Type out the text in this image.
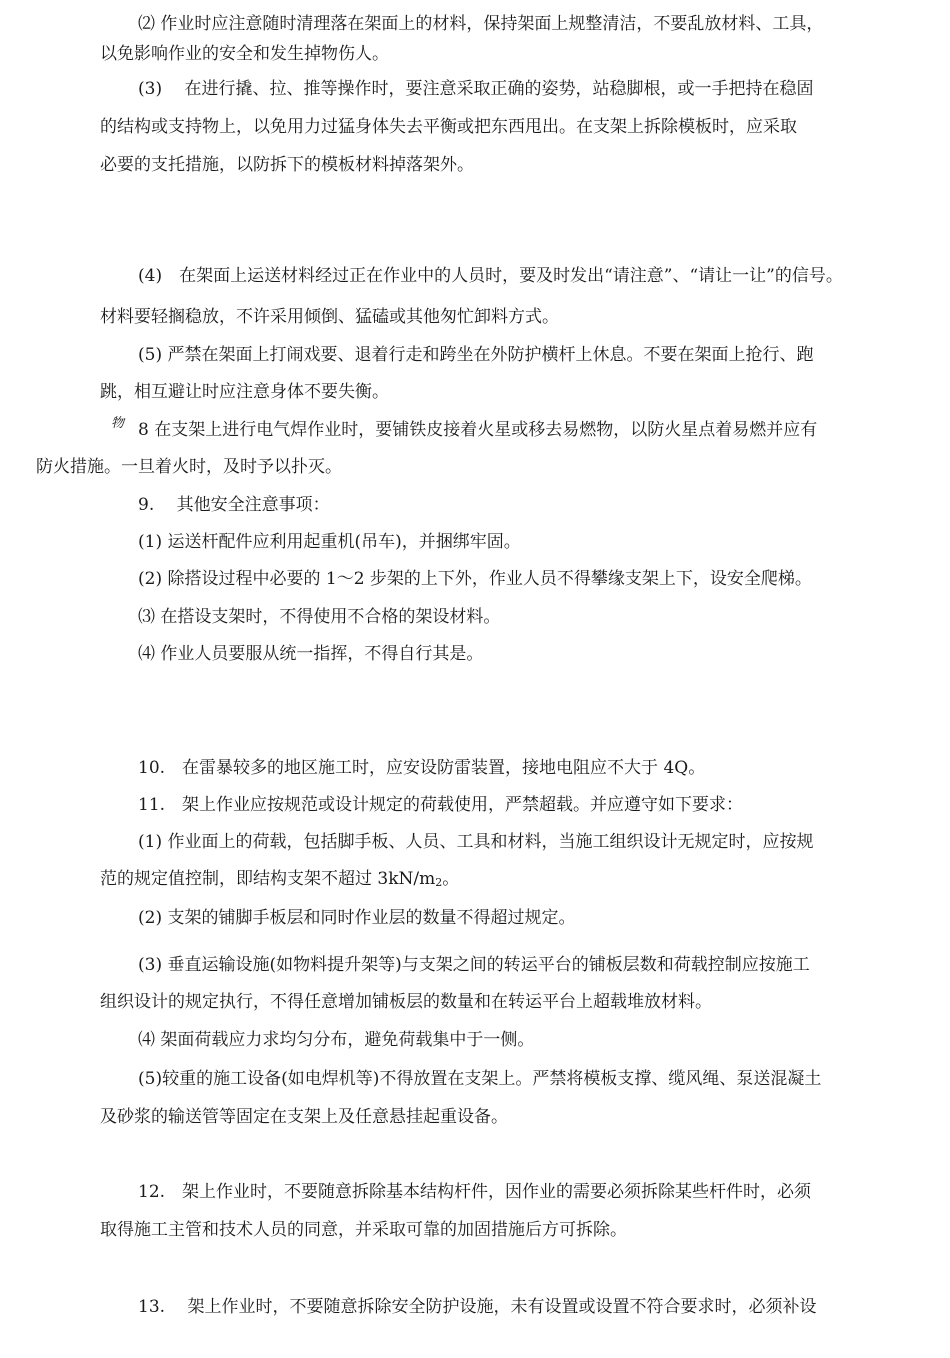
⑵ 作业时应注意随时清理落在架面上的材料，保持架面上规整清洁，不要乱放材料、工具，
以免影响作业的安全和发生掉物伤人。
(3)　 在进行撬、拉、推等操作时，要注意采取正确的姿势，站稳脚根，或一手把持在稳固
的结构或支持物上，以免用力过猛身体失去平衡或把东西甩出。在支架上拆除模板时，应采取
必要的支托措施，以防拆下的模板材料掉落架外。
(4)　在架面上运送材料经过正在作业中的人员时，要及时发出“请注意”、“请让一让”的信号。
材料要轻搁稳放，不许采用倾倒、猛磕或其他匆忙卸料方式。
(5) 严禁在架面上打闹戏要、退着行走和跨坐在外防护横杆上休息。不要在架面上抢行、跑
跳，相互避让时应注意身体不要失衡。
物 8 在支架上进行电气焊作业时，要铺铁皮接着火星或移去易燃物，以防火星点着易燃并应有
防火措施。一旦着火时，及时予以扑灭。
9.　 其他安全注意事项：
(1) 运送杆配件应利用起重机(吊车)，并捆绑牢固。
(2) 除搭设过程中必要的 1〜2 步架的上下外，作业人员不得攀缘支架上下，设安全爬梯。
⑶ 在搭设支架时，不得使用不合格的架设材料。
⑷ 作业人员要服从统一指挥，不得自行其是。
10.　在雷暴较多的地区施工时，应安设防雷装置，接地电阻应不大于 4Q。
11.　架上作业应按规范或设计规定的荷载使用，严禁超载。并应遵守如下要求：
(1) 作业面上的荷载，包括脚手板、人员、工具和材料，当施工组织设计无规定时，应按规
范的规定值控制，即结构支架不超过 3kN/m2。
(2) 支架的铺脚手板层和同时作业层的数量不得超过规定。
(3) 垂直运输设施(如物料提升架等)与支架之间的转运平台的铺板层数和荷载控制应按施工
组织设计的规定执行，不得任意增加铺板层的数量和在转运平台上超载堆放材料。
⑷ 架面荷载应力求均匀分布，避免荷载集中于一侧。
(5)较重的施工设备(如电焊机等)不得放置在支架上。严禁将模板支撑、缆风绳、泵送混凝土
及砂浆的输送管等固定在支架上及任意悬挂起重设备。
12.　架上作业时，不要随意拆除基本结构杆件，因作业的需要必须拆除某些杆件时，必须
取得施工主管和技术人员的同意，并采取可靠的加固措施后方可拆除。
13.　 架上作业时，不要随意拆除安全防护设施，未有设置或设置不符合要求时，必须补设
